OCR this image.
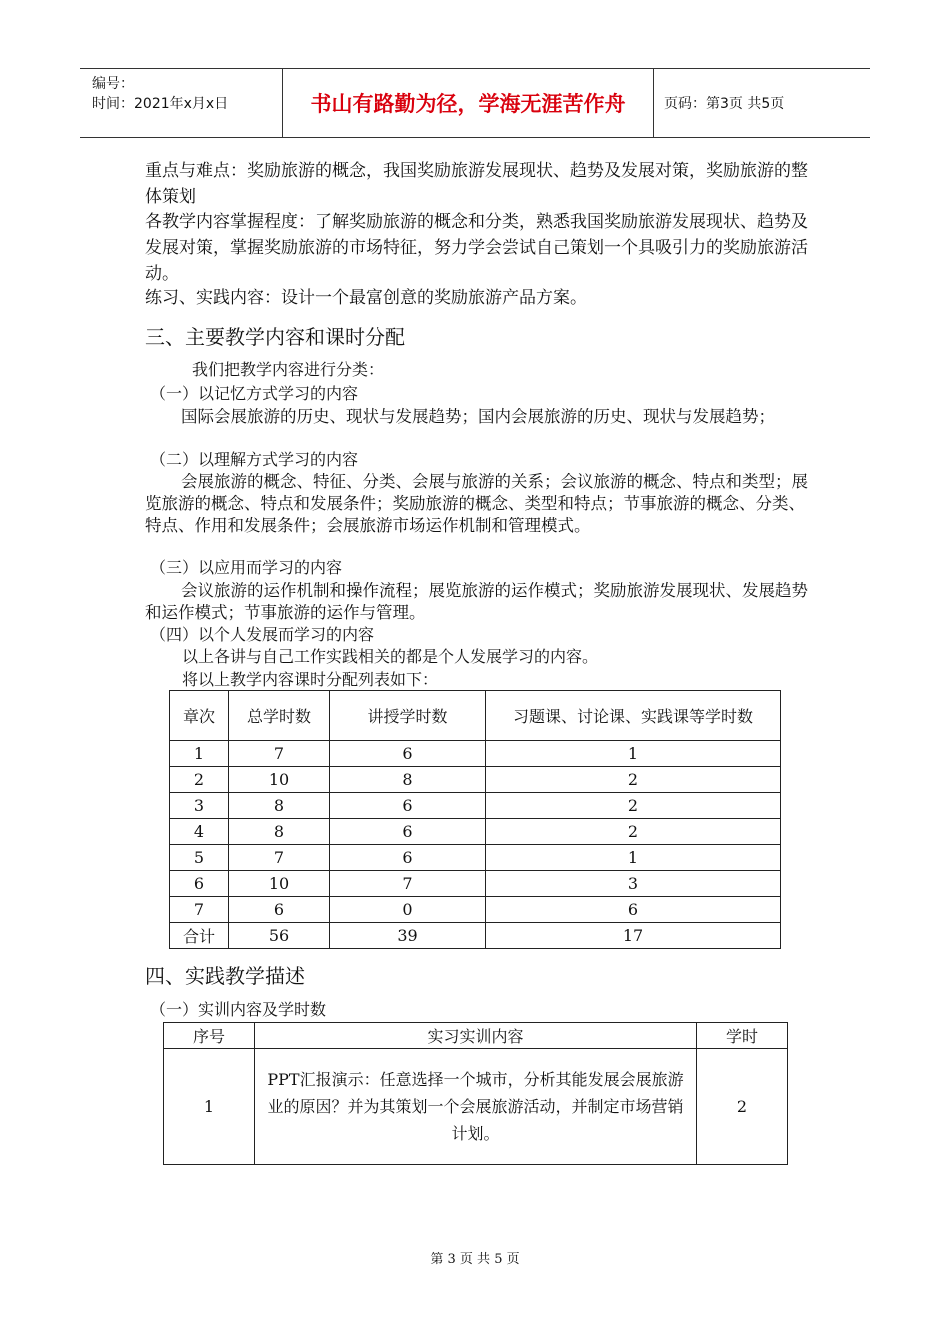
编号：
时间：2021年x月x日	书山有路勤为径，学海无涯苦作舟	页码：第3页 共5页
重点与难点：奖励旅游的概念，我国奖励旅游发展现状、趋势及发展对策，奖励旅游的整体策划
各教学内容掌握程度：了解奖励旅游的概念和分类，熟悉我国奖励旅游发展现状、趋势及发展对策，掌握奖励旅游的市场特征，努力学会尝试自己策划一个具吸引力的奖励旅游活动。
练习、实践内容：设计一个最富创意的奖励旅游产品方案。
三、主要教学内容和课时分配
我们把教学内容进行分类：
（一）以记忆方式学习的内容
国际会展旅游的历史、现状与发展趋势；国内会展旅游的历史、现状与发展趋势；
（二）以理解方式学习的内容
会展旅游的概念、特征、分类、会展与旅游的关系；会议旅游的概念、特点和类型；展览旅游的概念、特点和发展条件；奖励旅游的概念、类型和特点；节事旅游的概念、分类、特点、作用和发展条件；会展旅游市场运作机制和管理模式。
（三）以应用而学习的内容
会议旅游的运作机制和操作流程；展览旅游的运作模式；奖励旅游发展现状、发展趋势和运作模式；节事旅游的运作与管理。
（四）以个人发展而学习的内容
以上各讲与自己工作实践相关的都是个人发展学习的内容。
将以上教学内容课时分配列表如下：
章次	总学时数	讲授学时数	习题课、讨论课、实践课等学时数
1	7	6	1
2	10	8	2
3	8	6	2
4	8	6	2
5	7	6	1
6	10	7	3
7	6	0	6
合计	56	39	17
四、实践教学描述
（一）实训内容及学时数
序号	实习实训内容	学时
1	PPT汇报演示：任意选择一个城市，分析其能发展会展旅游业的原因？并为其策划一个会展旅游活动，并制定市场营销计划。	2
第 3 页 共 5 页
